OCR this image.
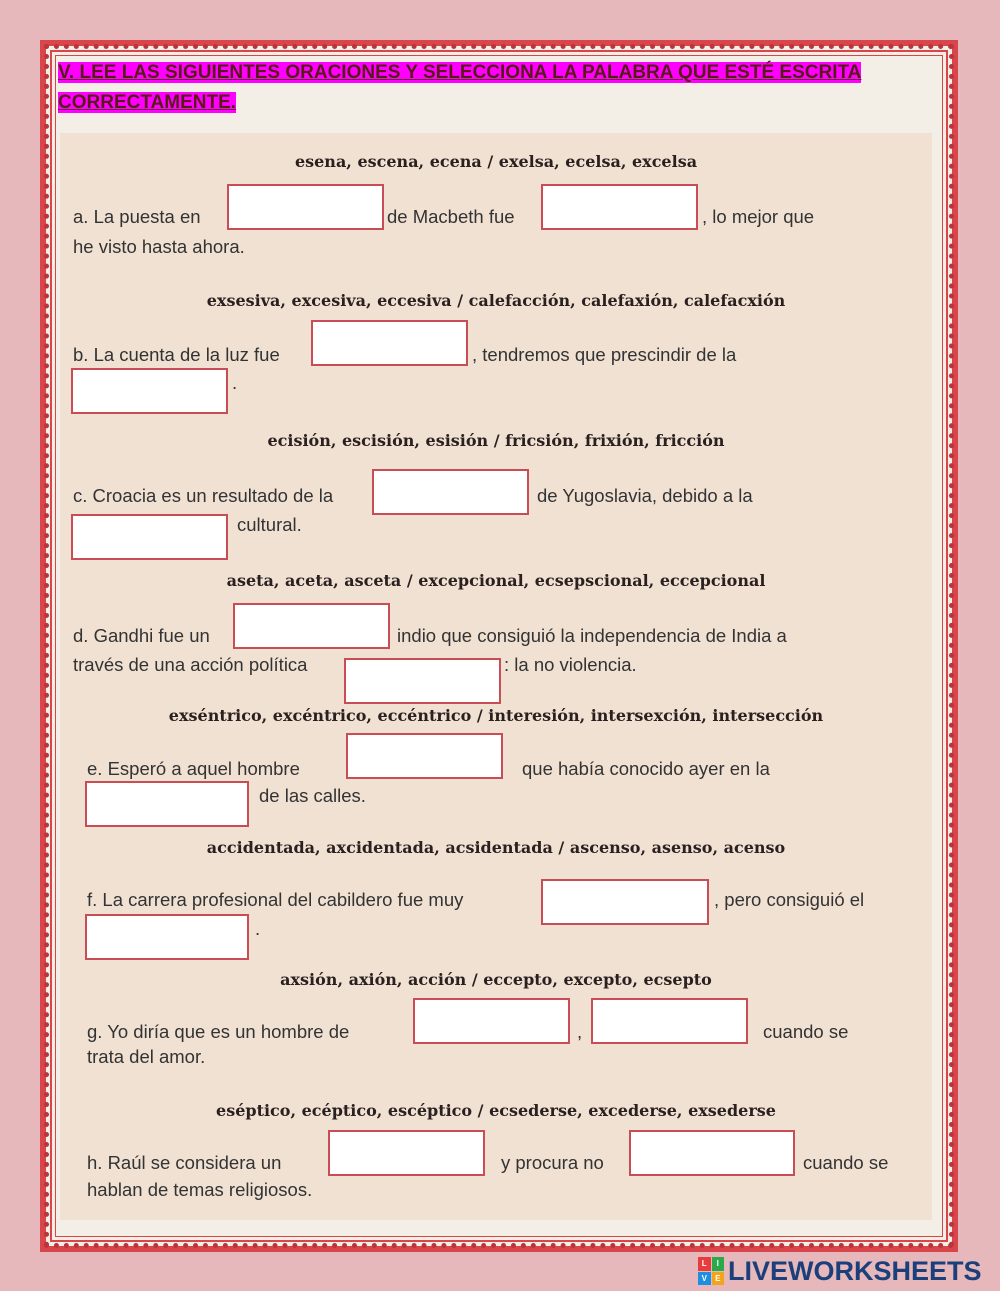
V. LEE LAS SIGUIENTES ORACIONES Y SELECCIONA LA PALABRA QUE ESTÉ ESCRITA CORRECTAMENTE.
esena, escena, ecena / exelsa, ecelsa, excelsa
a. La puesta en	de Macbeth fue	, lo mejor que
he visto hasta ahora.
exsesiva, excesiva, eccesiva / calefacción, calefaxión, calefacxión
b. La cuenta de la luz fue	, tendremos que prescindir de la
.
ecisión, escisión, esisión / fricsión, frixión, fricción
c. Croacia es un resultado de la	de Yugoslavia, debido a la
cultural.
aseta, aceta, asceta / excepcional, ecsepscional, eccepcional
d. Gandhi fue un	indio que consiguió la independencia de India a
través de una acción política	: la no violencia.
exséntrico, excéntrico, eccéntrico / interesión, intersexción, intersección
e. Esperó a aquel hombre	que había conocido ayer en la
de las calles.
accidentada, axcidentada, acsidentada / ascenso, asenso, acenso
f. La carrera profesional del cabildero fue muy	, pero consiguió el
.
axsión, axión, acción / eccepto, excepto, ecsepto
g. Yo diría que es un hombre de	,	cuando se
trata del amor.
eséptico, ecéptico, escéptico / ecsederse, excederse, exsederse
h. Raúl se considera un	y procura no	cuando se
hablan de temas religiosos.
L	I
V	E LIVEWORKSHEETS
